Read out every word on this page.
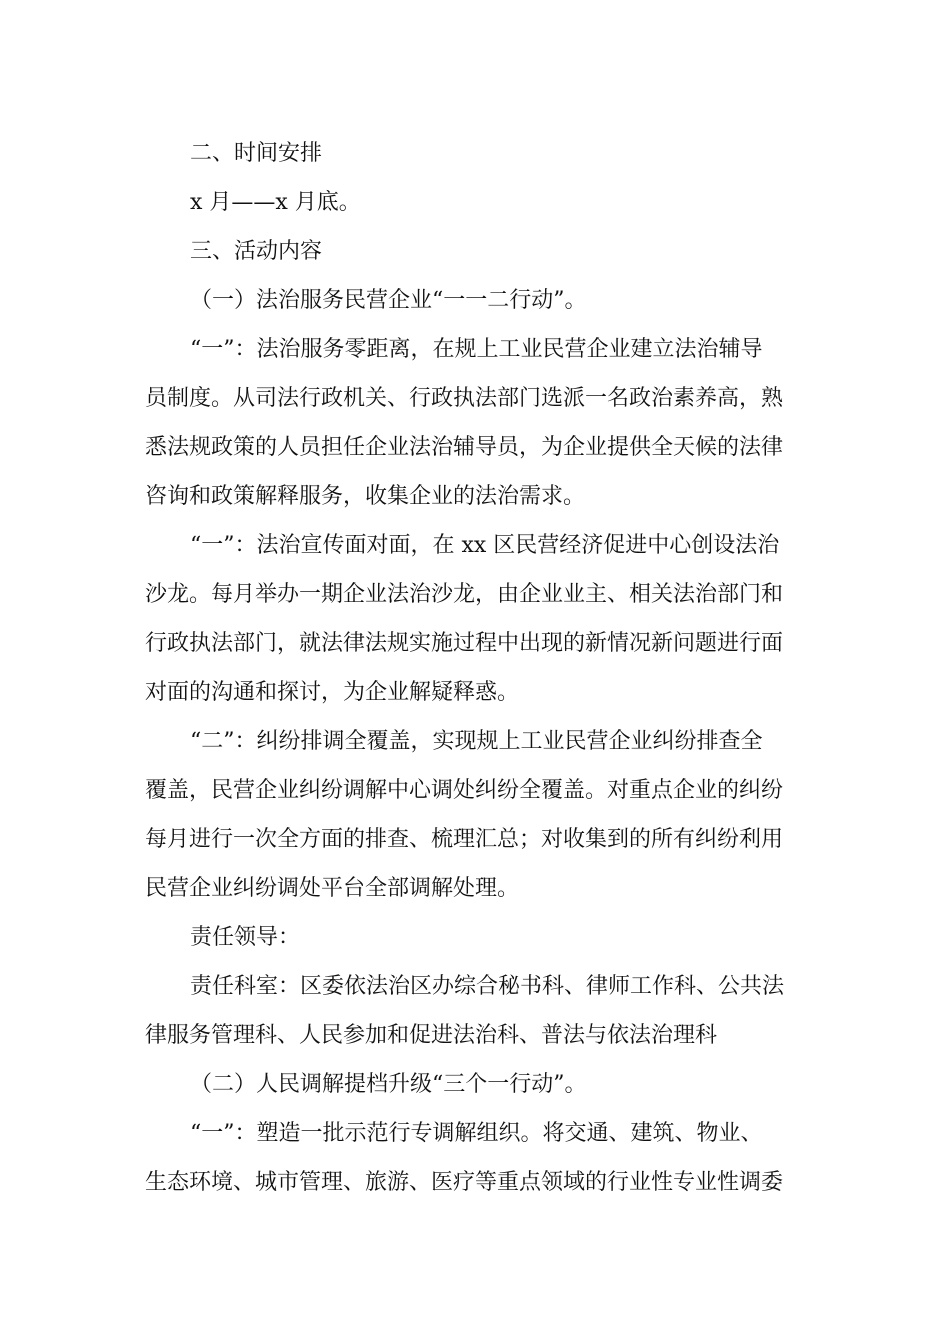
二、时间安排
x 月——x 月底。
三、活动内容
（一）法治服务民营企业“一一二行动”。
“一”：法治服务零距离，在规上工业民营企业建立法治辅导
员制度。从司法行政机关、行政执法部门选派一名政治素养高，熟
悉法规政策的人员担任企业法治辅导员，为企业提供全天候的法律
咨询和政策解释服务，收集企业的法治需求。
“一”：法治宣传面对面，在 xx 区民营经济促进中心创设法治
沙龙。每月举办一期企业法治沙龙，由企业业主、相关法治部门和
行政执法部门，就法律法规实施过程中出现的新情况新问题进行面
对面的沟通和探讨，为企业解疑释惑。
“二”：纠纷排调全覆盖，实现规上工业民营企业纠纷排查全
覆盖，民营企业纠纷调解中心调处纠纷全覆盖。对重点企业的纠纷
每月进行一次全方面的排查、梳理汇总；对收集到的所有纠纷利用
民营企业纠纷调处平台全部调解处理。
责任领导：
责任科室：区委依法治区办综合秘书科、律师工作科、公共法
律服务管理科、人民参加和促进法治科、普法与依法治理科
（二）人民调解提档升级“三个一行动”。
“一”：塑造一批示范行专调解组织。将交通、建筑、物业、
生态环境、城市管理、旅游、医疗等重点领域的行业性专业性调委
